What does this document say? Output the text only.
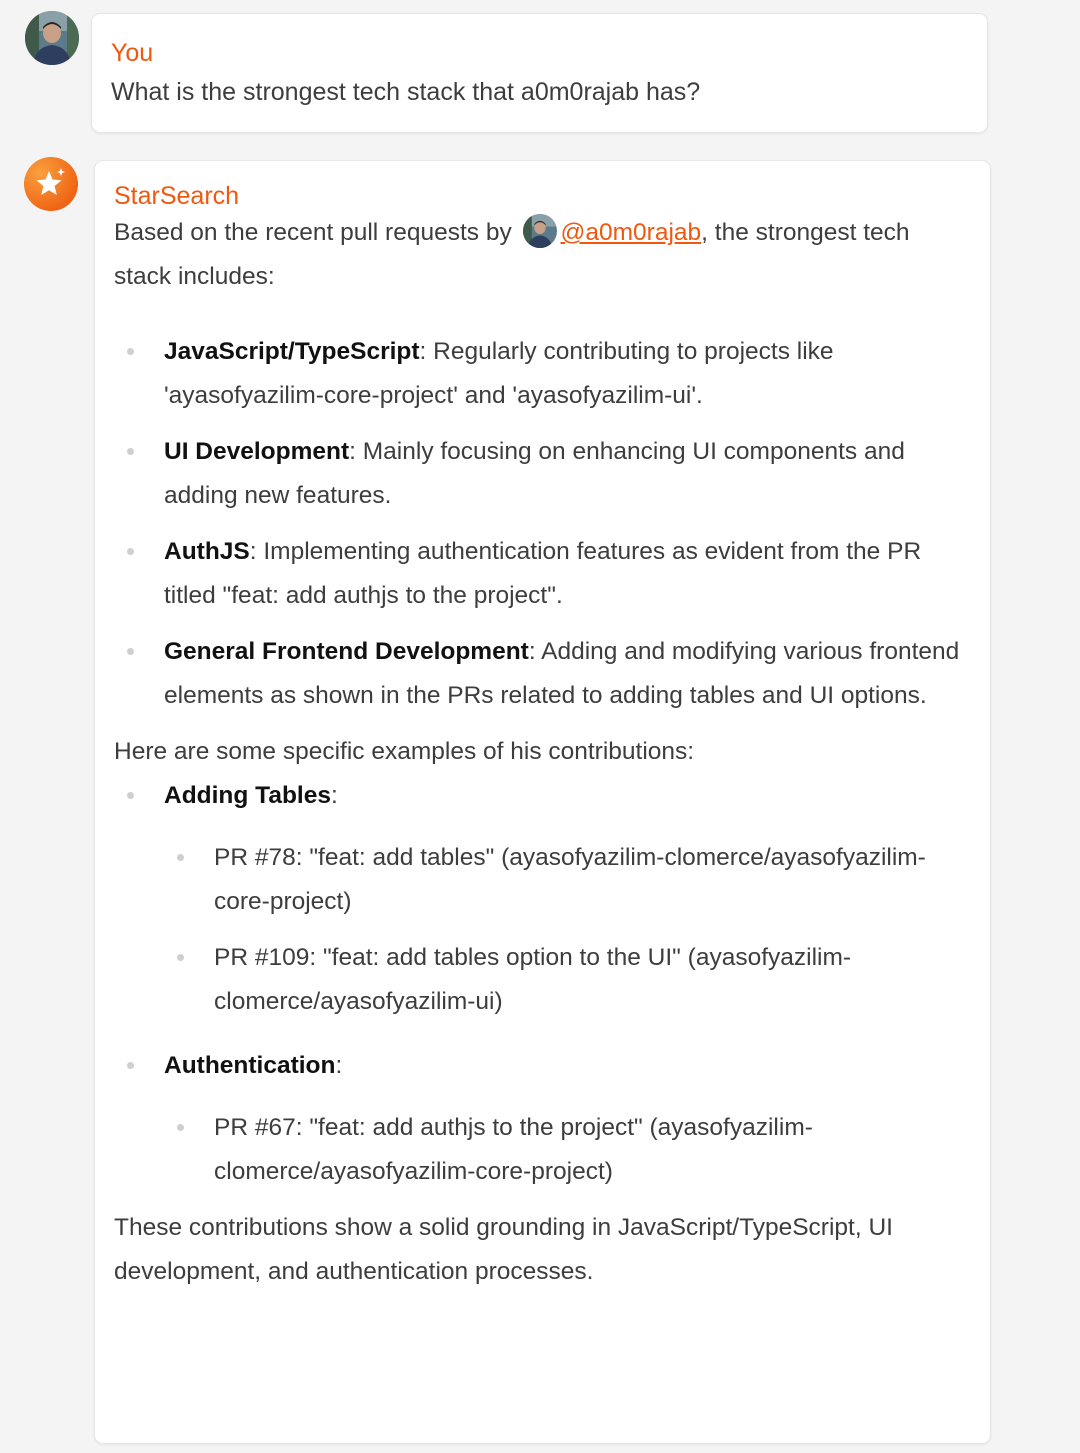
You

What is the strongest tech stack that a0m0rajab has?

StarSearch

Based on the recent pull requests by @a0m0rajab, the strongest tech stack includes:

JavaScript/TypeScript: Regularly contributing to projects like 'ayasofyazilim-core-project' and 'ayasofyazilim-ui'.
UI Development: Mainly focusing on enhancing UI components and adding new features.
AuthJS: Implementing authentication features as evident from the PR titled "feat: add authjs to the project".
General Frontend Development: Adding and modifying various frontend elements as shown in the PRs related to adding tables and UI options.

Here are some specific examples of his contributions:

Adding Tables:
PR #78: "feat: add tables" (ayasofyazilim-clomerce/ayasofyazilim-core-project)
PR #109: "feat: add tables option to the UI" (ayasofyazilim-clomerce/ayasofyazilim-ui)
Authentication:
PR #67: "feat: add authjs to the project" (ayasofyazilim-clomerce/ayasofyazilim-core-project)

These contributions show a solid grounding in JavaScript/TypeScript, UI development, and authentication processes.
